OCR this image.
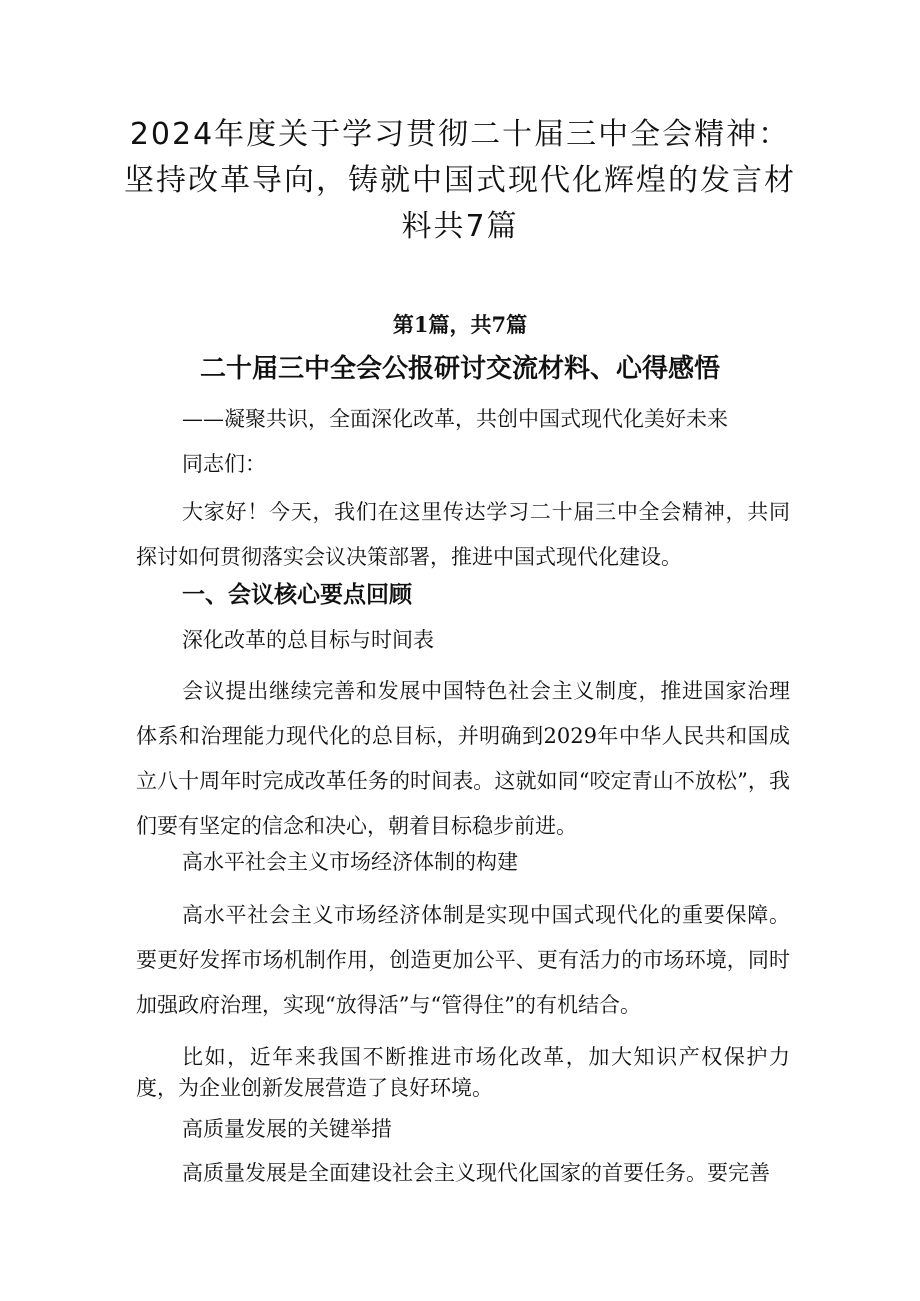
2024年度关于学习贯彻二十届三中全会精神：坚持改革导向，铸就中国式现代化辉煌的发言材料共7篇
第1篇，共7篇
二十届三中全会公报研讨交流材料、心得感悟
——凝聚共识，全面深化改革，共创中国式现代化美好未来
同志们：

大家好！今天，我们在这里传达学习二十届三中全会精神，共同探讨如何贯彻落实会议决策部署，推进中国式现代化建设。

一、会议核心要点回顾
深化改革的总目标与时间表

会议提出继续完善和发展中国特色社会主义制度，推进国家治理体系和治理能力现代化的总目标，并明确到2029年中华人民共和国成立八十周年时完成改革任务的时间表。这就如同“咬定青山不放松”，我们要有坚定的信念和决心，朝着目标稳步前进。

高水平社会主义市场经济体制的构建

高水平社会主义市场经济体制是实现中国式现代化的重要保障。要更好发挥市场机制作用，创造更加公平、更有活力的市场环境，同时加强政府治理，实现“放得活”与“管得住”的有机结合。

比如，近年来我国不断推进市场化改革，加大知识产权保护力度，为企业创新发展营造了良好环境。

高质量发展的关键举措
高质量发展是全面建设社会主义现代化国家的首要任务。要完善
